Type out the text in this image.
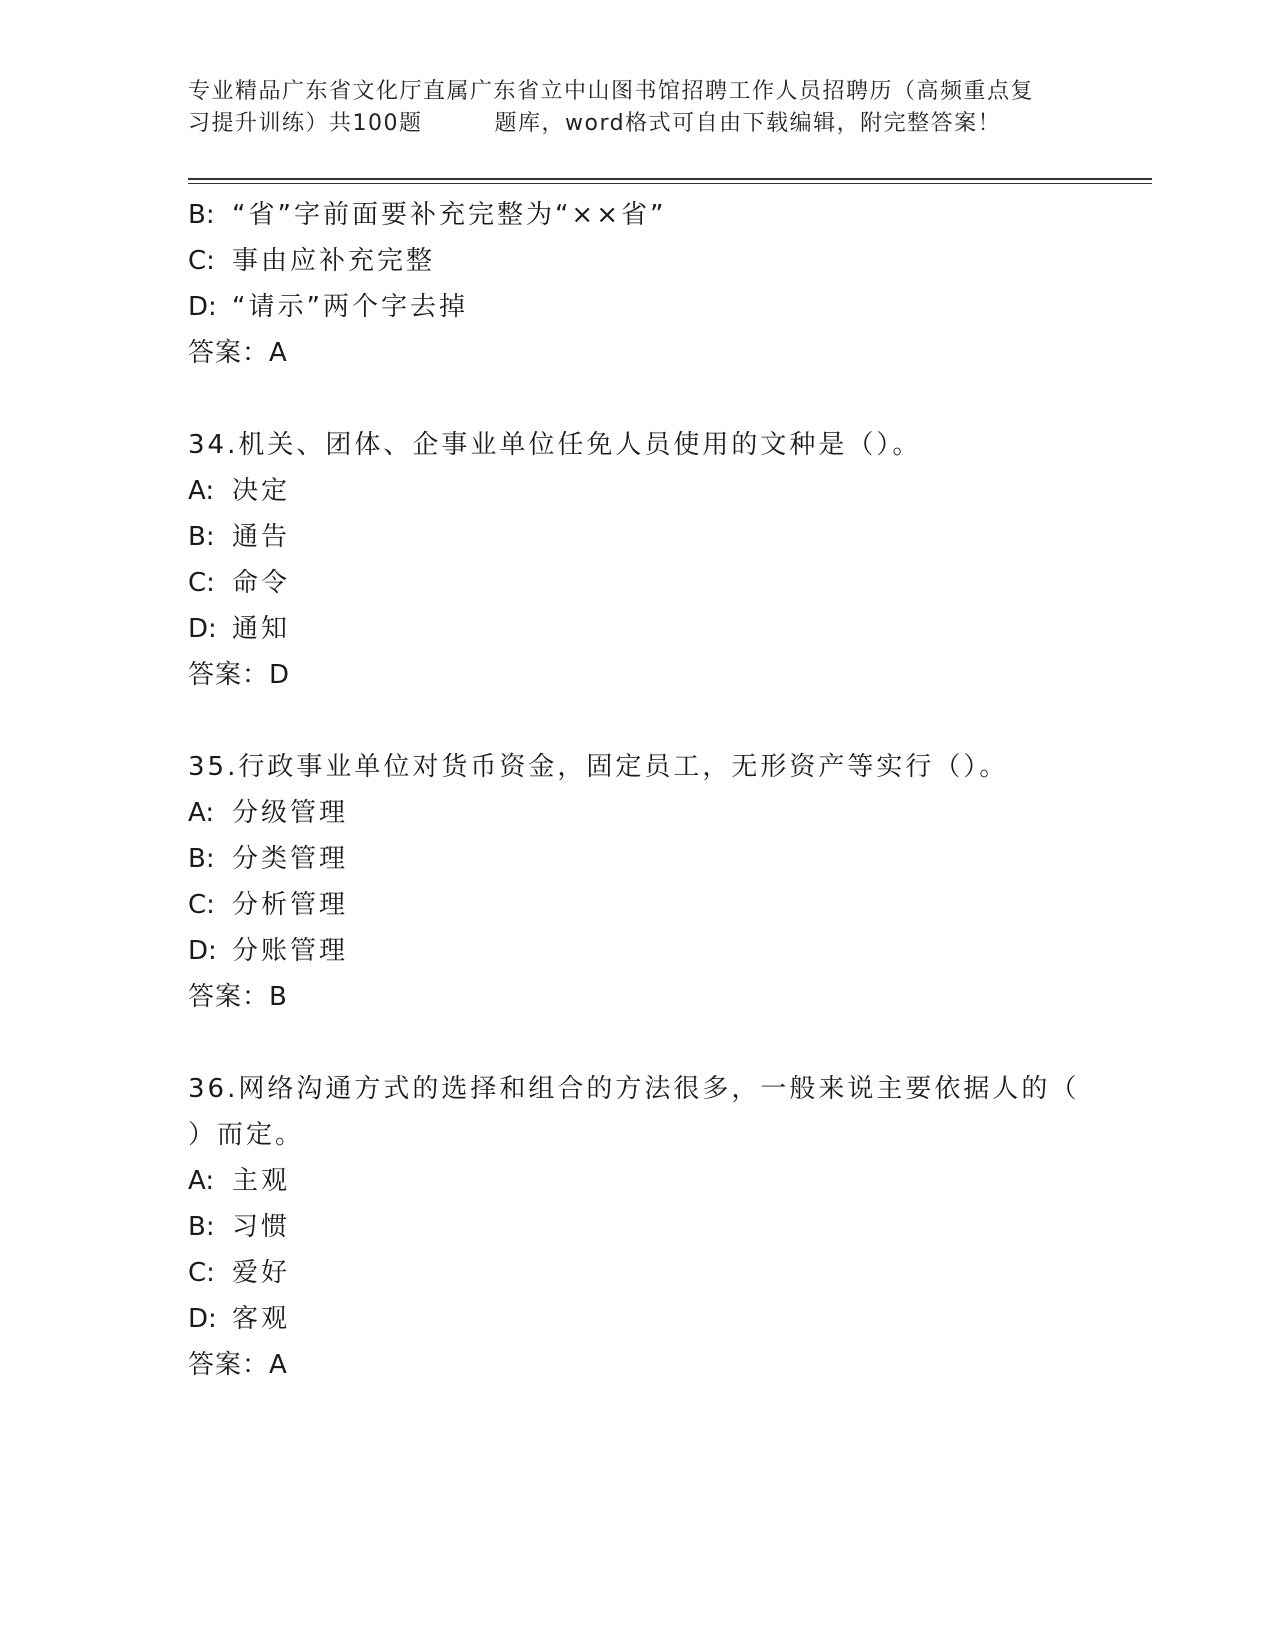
专业精品广东省文化厅直属广东省立中山图书馆招聘工作人员招聘历（高频重点复
习提升训练）共100题	题库，word格式可自由下载编辑，附完整答案！
B: “省”字前面要补充完整为“××省”
C: 事由应补充完整
D: “请示”两个字去掉
答案：A
34.机关、团体、企事业单位任免人员使用的文种是（）。
A: 决定
B: 通告
C: 命令
D: 通知
答案：D
35.行政事业单位对货币资金，固定员工，无形资产等实行（）。
A: 分级管理
B: 分类管理
C: 分析管理
D: 分账管理
答案：B
36.网络沟通方式的选择和组合的方法很多，一般来说主要依据人的（
）而定。
A: 主观
B: 习惯
C: 爱好
D: 客观
答案：A
